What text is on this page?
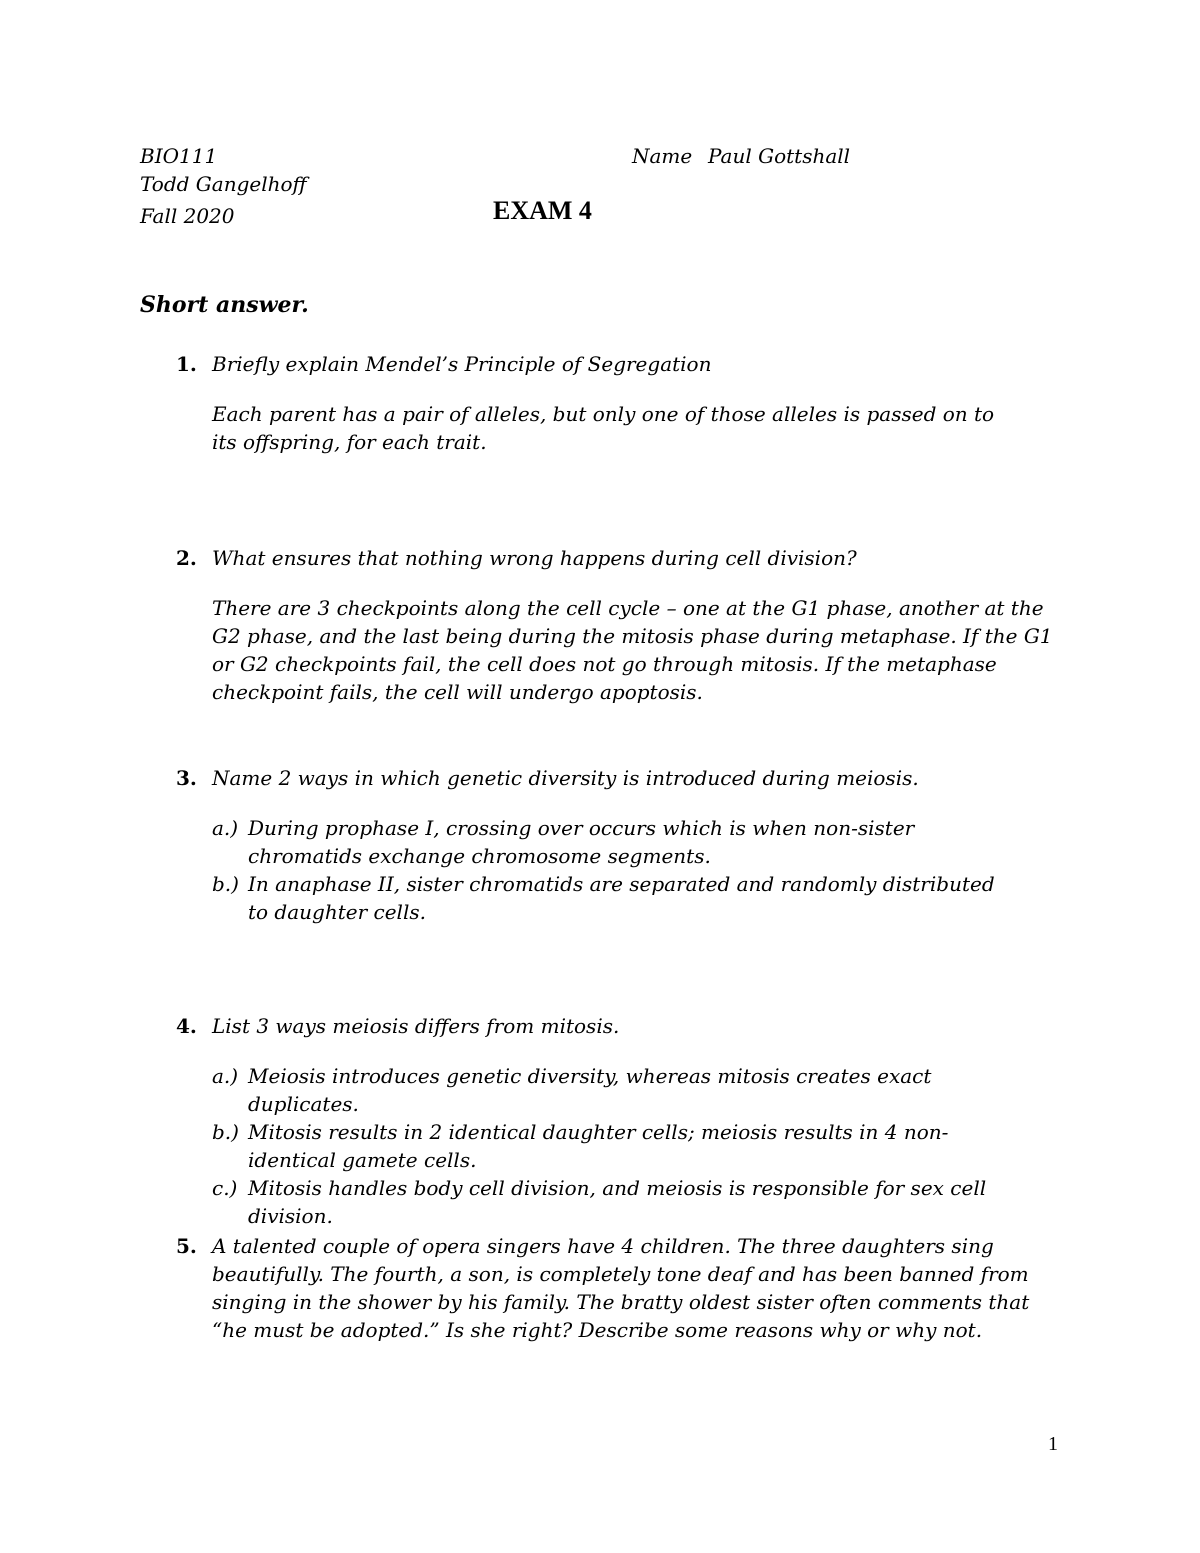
BIO111
Todd Gangelhoff
Fall 2020
Name Paul Gottshall
EXAM 4
Short answer.
1. Briefly explain Mendel’s Principle of Segregation
Each parent has a pair of alleles, but only one of those alleles is passed on to its offspring, for each trait.
2. What ensures that nothing wrong happens during cell division?
There are 3 checkpoints along the cell cycle – one at the G1 phase, another at the G2 phase, and the last being during the mitosis phase during metaphase. If the G1 or G2 checkpoints fail, the cell does not go through mitosis. If the metaphase checkpoint fails, the cell will undergo apoptosis.
3. Name 2 ways in which genetic diversity is introduced during meiosis.
a.) During prophase I, crossing over occurs which is when non-sister chromatids exchange chromosome segments.
b.) In anaphase II, sister chromatids are separated and randomly distributed to daughter cells.
4. List 3 ways meiosis differs from mitosis.
a.) Meiosis introduces genetic diversity, whereas mitosis creates exact duplicates.
b.) Mitosis results in 2 identical daughter cells; meiosis results in 4 non-identical gamete cells.
c.) Mitosis handles body cell division, and meiosis is responsible for sex cell division.
5. A talented couple of opera singers have 4 children. The three daughters sing beautifully. The fourth, a son, is completely tone deaf and has been banned from singing in the shower by his family. The bratty oldest sister often comments that “he must be adopted.” Is she right? Describe some reasons why or why not.
1
